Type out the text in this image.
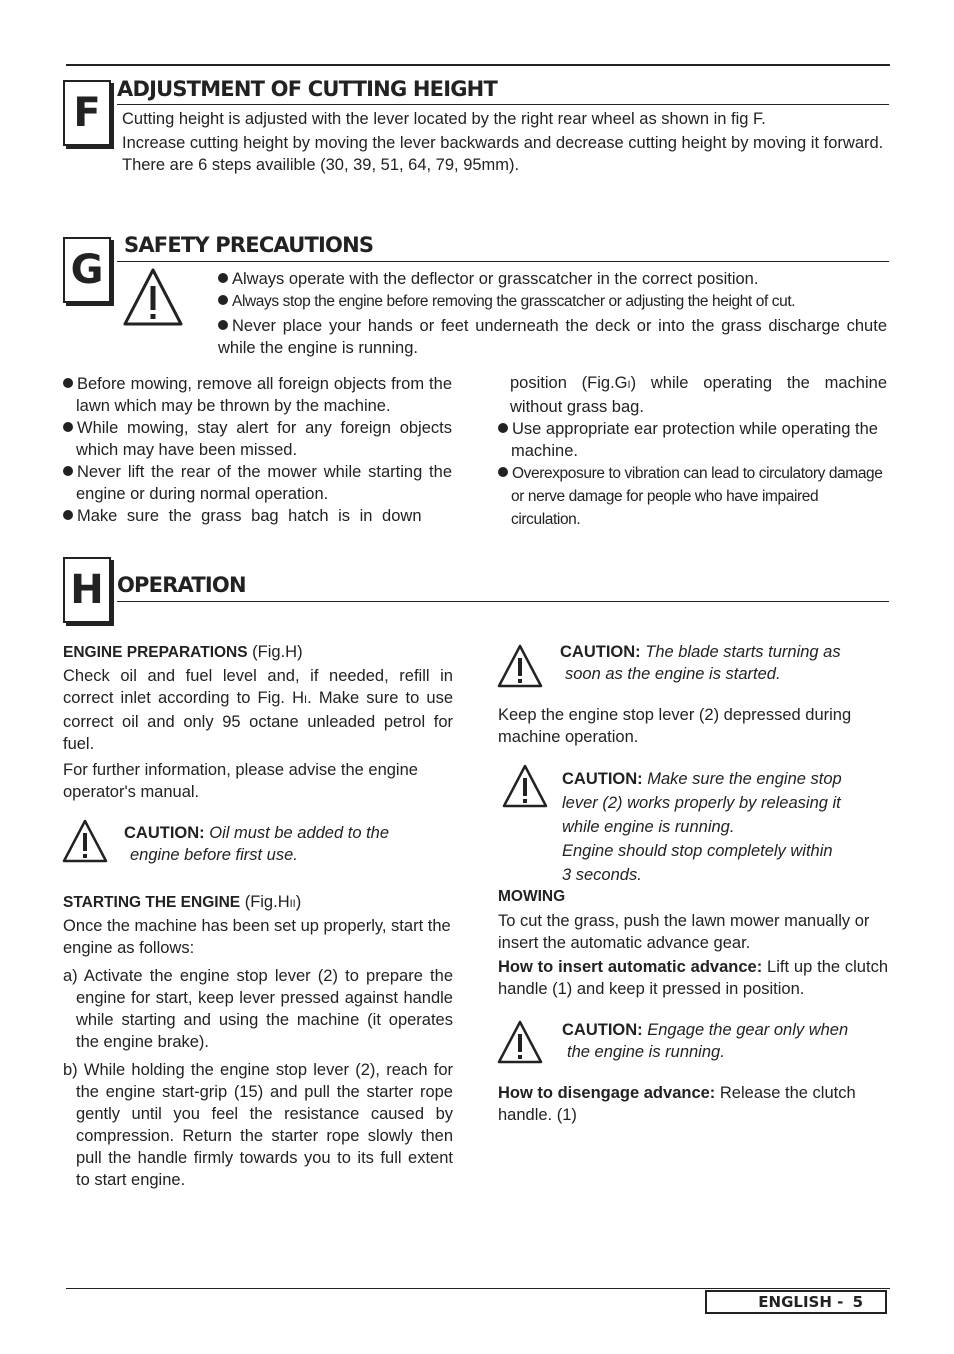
F
ADJUSTMENT OF CUTTING HEIGHT
Cutting height is adjusted with the lever located by the right rear wheel as shown in fig F.
Increase cutting height by moving the lever backwards and decrease cutting height by moving it forward. There are 6 steps availible (30, 39, 51, 64, 79, 95mm).
G
SAFETY PRECAUTIONS
Always operate with the deflector or grasscatcher in the correct position.
Always stop the engine before removing the grasscatcher or adjusting the height of cut.
Never place your hands or feet underneath the deck or into the grass discharge chute while the engine is running.
Before mowing, remove all foreign objects from the lawn which may be thrown by the machine.
While mowing, stay alert for any foreign objects which may have been missed.
Never lift the rear of the mower while starting the engine or during normal operation.
Make sure the grass bag hatch is in down
position (Fig.GI) while operating the machine without grass bag.
Use appropriate ear protection while operating the machine.
Overexposure to vibration can lead to circulatory damage or nerve damage for people who have impaired circulation.
H OPERATION
ENGINE PREPARATIONS (Fig.H)
Check oil and fuel level and, if needed, refill in correct inlet according to Fig. HI. Make sure to use correct oil and only 95 octane unleaded petrol for fuel.
For further information, please advise the engine operator's manual.
CAUTION: Oil must be added to the
engine before first use.
STARTING THE ENGINE (Fig.HII)
Once the machine has been set up properly, start the engine as follows:
a) Activate the engine stop lever (2) to prepare the engine for start, keep lever pressed against handle while starting and using the machine (it operates the engine brake).
b) While holding the engine stop lever (2), reach for the engine start-grip (15) and pull the starter rope gently until you feel the resistance caused by compression. Return the starter rope slowly then pull the handle firmly towards you to its full extent to start engine.
CAUTION: The blade starts turning as
soon as the engine is started.
Keep the engine stop lever (2) depressed during machine operation.
CAUTION: Make sure the engine stop
lever (2) works properly by releasing it
while engine is running.
Engine should stop completely within
3 seconds.
MOWING
To cut the grass, push the lawn mower manually or insert the automatic advance gear.
How to insert automatic advance: Lift up the clutch handle (1) and keep it pressed in position.
CAUTION: Engage the gear only when
the engine is running.
How to disengage advance: Release the clutch handle. (1)
ENGLISH - 5
